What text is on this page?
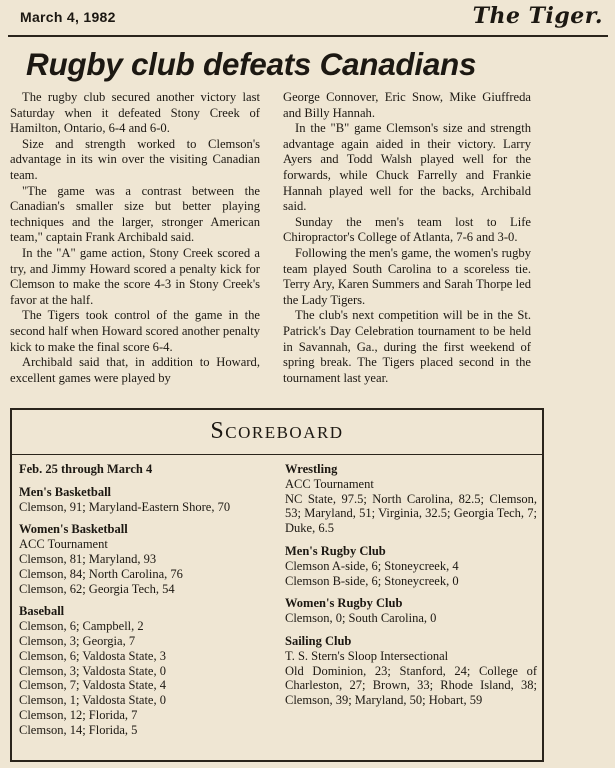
March 4, 1982	The Tiger.
Rugby club defeats Canadians

The rugby club secured another victory last Saturday when it defeated Stony Creek of Hamilton, Ontario, 6-4 and 6-0.

Size and strength worked to Clemson's advantage in its win over the visiting Canadian team.

"The game was a contrast between the Canadian's smaller size but better playing techniques and the larger, stronger American team," captain Frank Archibald said.

In the "A" game action, Stony Creek scored a try, and Jimmy Howard scored a penalty kick for Clemson to make the score 4-3 in Stony Creek's favor at the half.

The Tigers took control of the game in the second half when Howard scored another penalty kick to make the final score 6-4.

Archibald said that, in addition to Howard, excellent games were played by

George Connover, Eric Snow, Mike Giuffreda and Billy Hannah.

In the "B" game Clemson's size and strength advantage again aided in their victory. Larry Ayers and Todd Walsh played well for the forwards, while Chuck Farrelly and Frankie Hannah played well for the backs, Archibald said.

Sunday the men's team lost to Life Chiropractor's College of Atlanta, 7-6 and 3-0.

Following the men's game, the women's rugby team played South Carolina to a scoreless tie. Terry Ary, Karen Summers and Sarah Thorpe led the Lady Tigers.

The club's next competition will be in the St. Patrick's Day Celebration tournament to be held in Savannah, Ga., during the first weekend of spring break. The Tigers placed second in the tournament last year.

Scoreboard
Feb. 25 through March 4
Men's Basketball
Clemson, 91; Maryland-Eastern Shore, 70
Women's Basketball
ACC Tournament
Clemson, 81; Maryland, 93
Clemson, 84; North Carolina, 76
Clemson, 62; Georgia Tech, 54
Baseball
Clemson, 6; Campbell, 2
Clemson, 3; Georgia, 7
Clemson, 6; Valdosta State, 3
Clemson, 3; Valdosta State, 0
Clemson, 7; Valdosta State, 4
Clemson, 1; Valdosta State, 0
Clemson, 12; Florida, 7
Clemson, 14; Florida, 5
Wrestling
ACC Tournament
NC State, 97.5; North Carolina, 82.5; Clemson, 53; Maryland, 51; Virginia, 32.5; Georgia Tech, 7; Duke, 6.5
Men's Rugby Club
Clemson A-side, 6; Stoneycreek, 4
Clemson B-side, 6; Stoneycreek, 0
Women's Rugby Club
Clemson, 0; South Carolina, 0
Sailing Club
T. S. Stern's Sloop Intersectional
Old Dominion, 23; Stanford, 24; College of Charleston, 27; Brown, 33; Rhode Island, 38; Clemson, 39; Maryland, 50; Hobart, 59
